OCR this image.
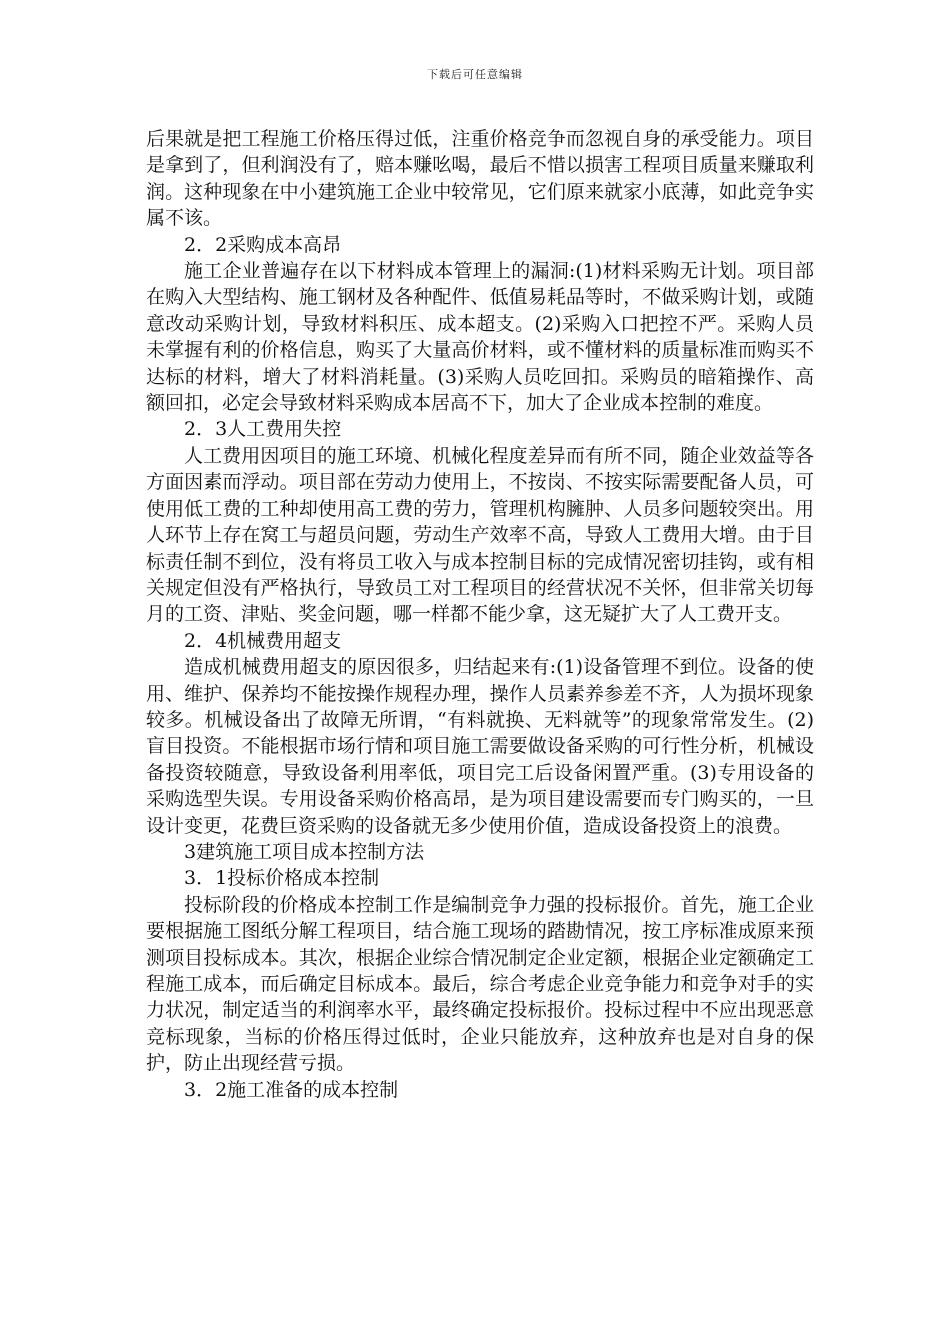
下载后可任意编辑

后果就是把工程施工价格压得过低，注重价格竞争而忽视自身的承受能力。项目是拿到了，但利润没有了，赔本赚吆喝，最后不惜以损害工程项目质量来赚取利润。这种现象在中小建筑施工企业中较常见，它们原来就家小底薄，如此竞争实属不该。

2．2采购成本高昂

施工企业普遍存在以下材料成本管理上的漏洞:(1)材料采购无计划。项目部在购入大型结构、施工钢材及各种配件、低值易耗品等时，不做采购计划，或随意改动采购计划，导致材料积压、成本超支。(2)采购入口把控不严。采购人员未掌握有利的价格信息，购买了大量高价材料，或不懂材料的质量标准而购买不达标的材料，增大了材料消耗量。(3)采购人员吃回扣。采购员的暗箱操作、高额回扣，必定会导致材料采购成本居高不下，加大了企业成本控制的难度。

2．3人工费用失控

人工费用因项目的施工环境、机械化程度差异而有所不同，随企业效益等各方面因素而浮动。项目部在劳动力使用上，不按岗、不按实际需要配备人员，可使用低工费的工种却使用高工费的劳力，管理机构臃肿、人员多问题较突出。用人环节上存在窝工与超员问题，劳动生产效率不高，导致人工费用大增。由于目标责任制不到位，没有将员工收入与成本控制目标的完成情况密切挂钩，或有相关规定但没有严格执行，导致员工对工程项目的经营状况不关怀，但非常关切每月的工资、津贴、奖金问题，哪一样都不能少拿，这无疑扩大了人工费开支。

2．4机械费用超支

造成机械费用超支的原因很多，归结起来有:(1)设备管理不到位。设备的使用、维护、保养均不能按操作规程办理，操作人员素养参差不齐，人为损坏现象较多。机械设备出了故障无所谓，“有料就换、无料就等”的现象常常发生。(2)盲目投资。不能根据市场行情和项目施工需要做设备采购的可行性分析，机械设备投资较随意，导致设备利用率低，项目完工后设备闲置严重。(3)专用设备的采购选型失误。专用设备采购价格高昂，是为项目建设需要而专门购买的，一旦设计变更，花费巨资采购的设备就无多少使用价值，造成设备投资上的浪费。

3建筑施工项目成本控制方法

3．1投标价格成本控制

投标阶段的价格成本控制工作是编制竞争力强的投标报价。首先，施工企业要根据施工图纸分解工程项目，结合施工现场的踏勘情况，按工序标准成原来预测项目投标成本。其次，根据企业综合情况制定企业定额，根据企业定额确定工程施工成本，而后确定目标成本。最后，综合考虑企业竞争能力和竞争对手的实力状况，制定适当的利润率水平，最终确定投标报价。投标过程中不应出现恶意竞标现象，当标的价格压得过低时，企业只能放弃，这种放弃也是对自身的保护，防止出现经营亏损。

3．2施工准备的成本控制
